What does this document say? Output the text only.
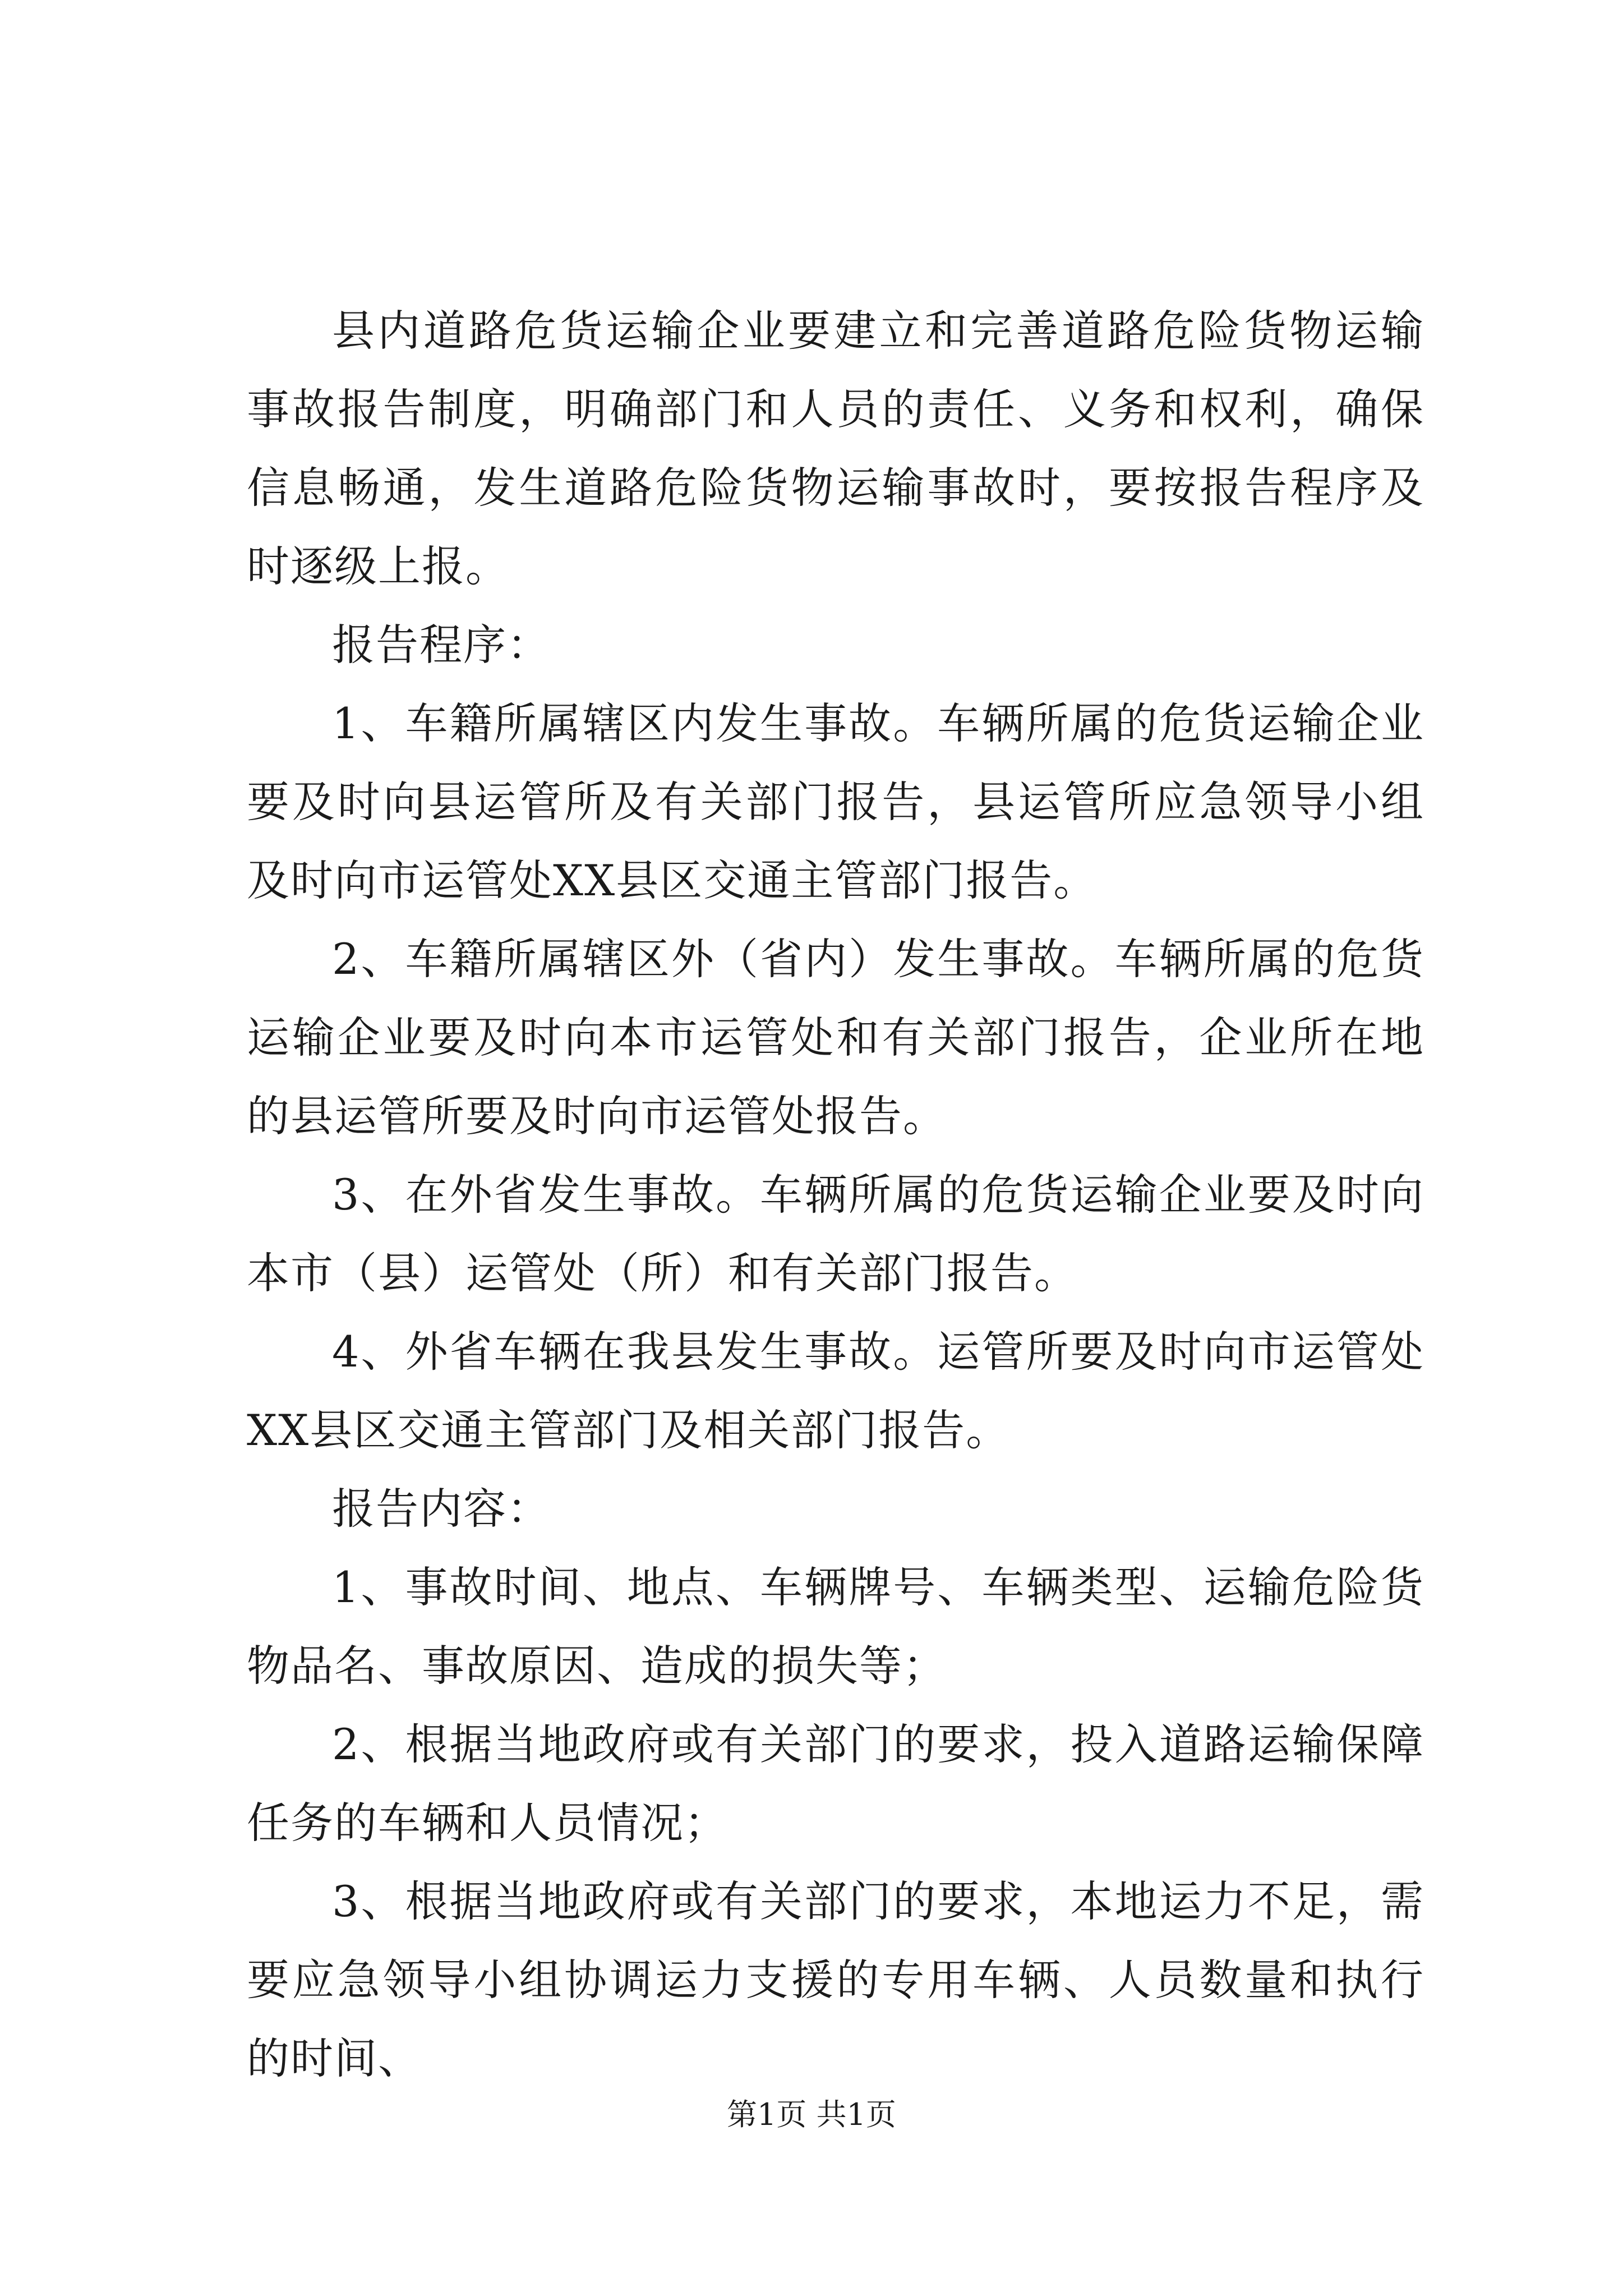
县内道路危货运输企业要建立和完善道路危险货物运输事故报告制度，明确部门和人员的责任、义务和权利，确保信息畅通，发生道路危险货物运输事故时，要按报告程序及时逐级上报。

报告程序：

1、车籍所属辖区内发生事故。车辆所属的危货运输企业要及时向县运管所及有关部门报告，县运管所应急领导小组及时向市运管处XX县区交通主管部门报告。

2、车籍所属辖区外（省内）发生事故。车辆所属的危货运输企业要及时向本市运管处和有关部门报告，企业所在地的县运管所要及时向市运管处报告。

3、在外省发生事故。车辆所属的危货运输企业要及时向本市（县）运管处（所）和有关部门报告。

4、外省车辆在我县发生事故。运管所要及时向市运管处XX县区交通主管部门及相关部门报告。

报告内容：

1、事故时间、地点、车辆牌号、车辆类型、运输危险货物品名、事故原因、造成的损失等；

2、根据当地政府或有关部门的要求，投入道路运输保障任务的车辆和人员情况；

3、根据当地政府或有关部门的要求，本地运力不足，需要应急领导小组协调运力支援的专用车辆、人员数量和执行的时间、

第1页 共1页
